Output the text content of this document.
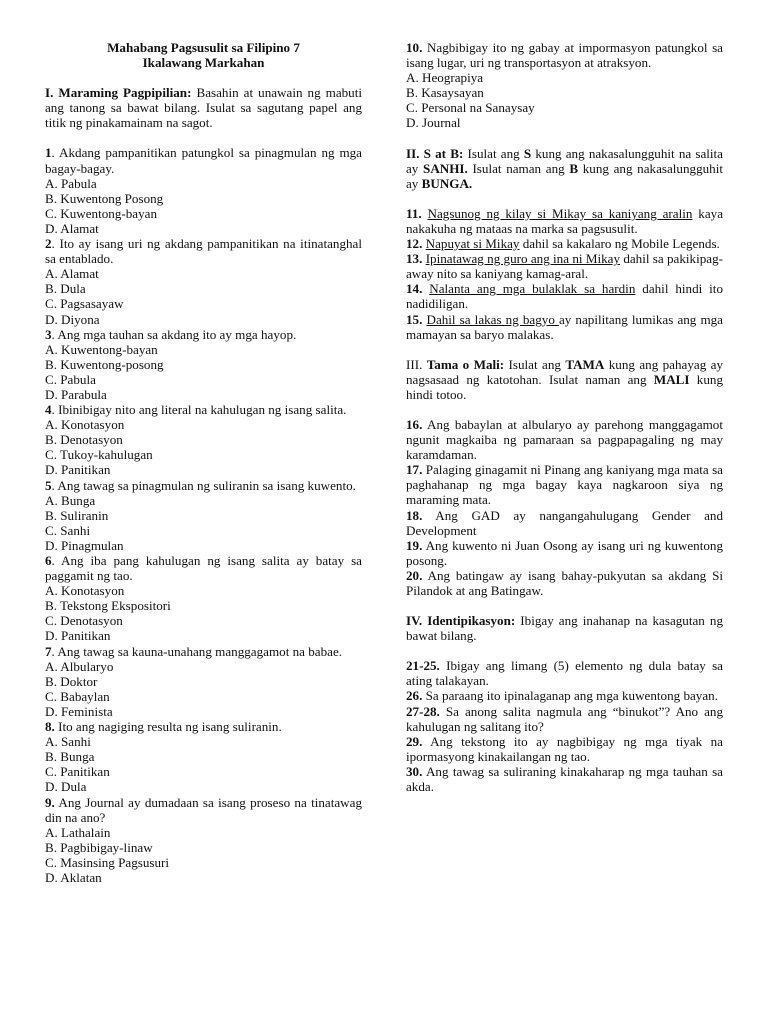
Mahabang Pagsusulit sa Filipino 7

Ikalawang Markahan

I. Maraming Pagpipilian: Basahin at unawain ng mabuti ang tanong sa bawat bilang. Isulat sa sagutang papel ang titik ng pinakamainam na sagot.

1. Akdang pampanitikan patungkol sa pinagmulan ng mga bagay-bagay.

A. Pabula

B. Kuwentong Posong

C. Kuwentong-bayan

D. Alamat

2. Ito ay isang uri ng akdang pampanitikan na itinatanghal sa entablado.

A. Alamat

B. Dula

C. Pagsasayaw

D. Diyona

3. Ang mga tauhan sa akdang ito ay mga hayop.

A. Kuwentong-bayan

B. Kuwentong-posong

C. Pabula

D. Parabula

4. Ibinibigay nito ang literal na kahulugan ng isang salita.

A. Konotasyon

B. Denotasyon

C. Tukoy-kahulugan

D. Panitikan

5. Ang tawag sa pinagmulan ng suliranin sa isang kuwento.

A. Bunga

B. Suliranin

C. Sanhi

D. Pinagmulan

6. Ang iba pang kahulugan ng isang salita ay batay sa paggamit ng tao.

A. Konotasyon

B. Tekstong Ekspositori

C. Denotasyon

D. Panitikan

7. Ang tawag sa kauna-unahang manggagamot na babae.

A. Albularyo

B. Doktor

C. Babaylan

D. Feminista

8. Ito ang nagiging resulta ng isang suliranin.

A. Sanhi

B. Bunga

C. Panitikan

D. Dula

9. Ang Journal ay dumadaan sa isang proseso na tinatawag din na ano?

A. Lathalain

B. Pagbibigay-linaw

C. Masinsing Pagsusuri

D. Aklatan

10. Nagbibigay ito ng gabay at impormasyon patungkol sa isang lugar, uri ng transportasyon at atraksyon.

A. Heograpiya

B. Kasaysayan

C. Personal na Sanaysay

D. Journal

II. S at B: Isulat ang S kung ang nakasalungguhit na salita ay SANHI. Isulat naman ang B kung ang nakasalungguhit ay BUNGA.

11. Nagsunog ng kilay si Mikay sa kaniyang aralin kaya nakakuha ng mataas na marka sa pagsusulit.

12. Napuyat si Mikay dahil sa kakalaro ng Mobile Legends.

13. Ipinatawag ng guro ang ina ni Mikay dahil sa pakikipag-away nito sa kaniyang kamag-aral.

14. Nalanta ang mga bulaklak sa hardin dahil hindi ito nadidiligan.

15. Dahil sa lakas ng bagyo ay napilitang lumikas ang mga mamayan sa baryo malakas.

III. Tama o Mali: Isulat ang TAMA kung ang pahayag ay nagsasaad ng katotohan. Isulat naman ang MALI kung hindi totoo.

16. Ang babaylan at albularyo ay parehong manggagamot ngunit magkaiba ng pamaraan sa pagpapagaling ng may karamdaman.

17. Palaging ginagamit ni Pinang ang kaniyang mga mata sa paghahanap ng mga bagay kaya nagkaroon siya ng maraming mata.

18. Ang GAD ay nangangahulugang Gender and Development

19. Ang kuwento ni Juan Osong ay isang uri ng kuwentong posong.

20. Ang batingaw ay isang bahay-pukyutan sa akdang Si Pilandok at ang Batingaw.

IV. Identipikasyon: Ibigay ang inahanap na kasagutan ng bawat bilang.

21-25. Ibigay ang limang (5) elemento ng dula batay sa ating talakayan.

26. Sa paraang ito ipinalaganap ang mga kuwentong bayan.

27-28. Sa anong salita nagmula ang “binukot”? Ano ang kahulugan ng salitang ito?

29. Ang tekstong ito ay nagbibigay ng mga tiyak na ipormasyong kinakailangan ng tao.

30. Ang tawag sa suliraning kinakaharap ng mga tauhan sa akda.
